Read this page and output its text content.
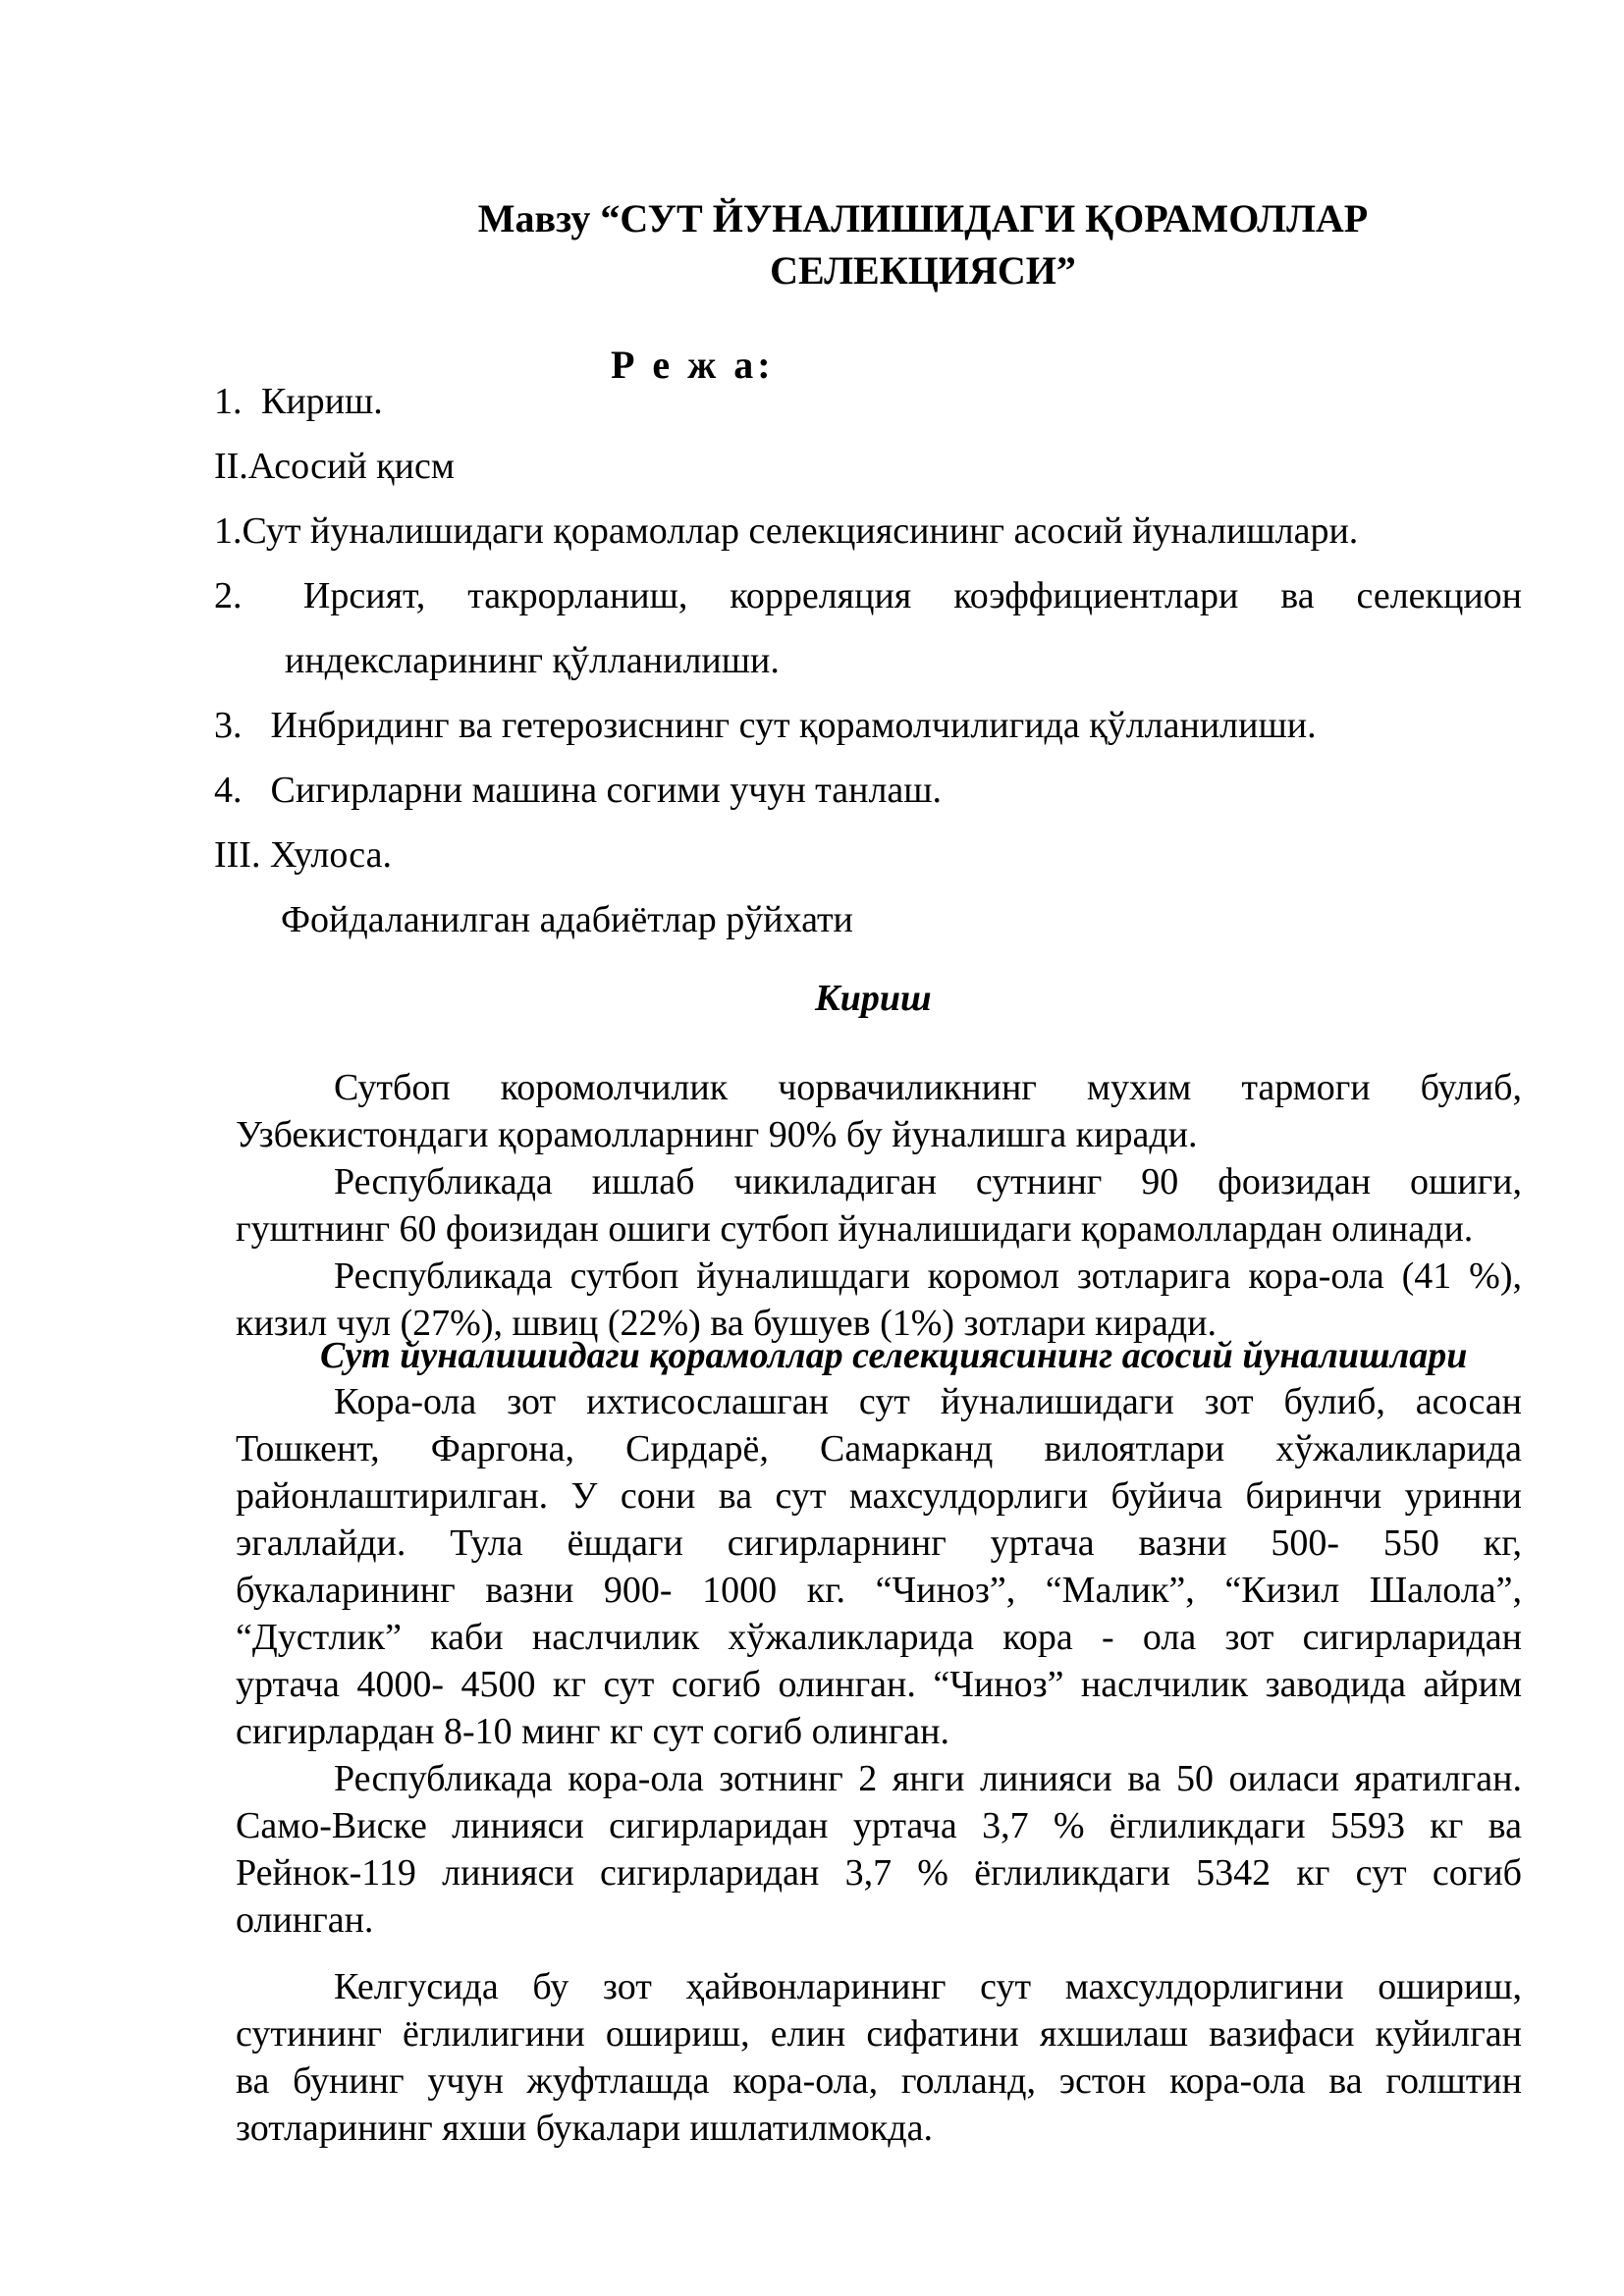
Мавзу “СУТ ЙУНАЛИШИДАГИ ҚОРАМОЛЛАР
СЕЛЕКЦИЯСИ”
Р е ж а:

1. Кириш.

II.Асосий қисм

1.Сут йуналишидаги қорамоллар селекциясининг асосий йуналишлари.

2. Ирсият, такрорланиш, корреляция коэффициентлари ва селекцион

индексларининг қўлланилиши.

3. Инбридинг ва гетерозиснинг сут қорамолчилигида қўлланилиши.

4. Сигирларни машина согими учун танлаш.

III. Хулоса.

Фойдаланилган адабиётлар рўйхати

Кириш
Сутбоп коромолчилик чорвачиликнинг мухим тармоги булиб,
Узбекистондаги қорамолларнинг 90% бу йуналишга киради.
Республикада ишлаб чикиладиган сутнинг 90 фоизидан ошиги,
гуштнинг 60 фоизидан ошиги сутбоп йуналишидаги қорамоллардан олинади.
Республикада сутбоп йуналишдаги коромол зотларига кора-ола (41 %),
кизил чул (27%), швиц (22%) ва бушуев (1%) зотлари киради.
Сут йуналишидаги қорамоллар селекциясининг асосий йуналишлари
Кора-ола зот ихтисослашган сут йуналишидаги зот булиб, асосан
Тошкент, Фаргона, Сирдарё, Самарканд вилоятлари хўжаликларида
районлаштирилган. У сони ва сут махсулдорлиги буйича биринчи уринни
эгаллайди. Тула ёшдаги сигирларнинг уртача вазни 500- 550 кг,
букаларининг вазни 900- 1000 кг. “Чиноз”, “Малик”, “Кизил Шалола”,
“Дустлик” каби наслчилик хўжаликларида кора - ола зот сигирларидан
уртача 4000- 4500 кг сут согиб олинган. “Чиноз” наслчилик заводида айрим
сигирлардан 8-10 минг кг сут согиб олинган.
Республикада кора-ола зотнинг 2 янги линияси ва 50 оиласи яратилган.
Само-Виске линияси сигирларидан уртача 3,7 % ёглиликдаги 5593 кг ва
Рейнок-119 линияси сигирларидан 3,7 % ёглиликдаги 5342 кг сут согиб
олинган.
Келгусида бу зот ҳайвонларининг сут махсулдорлигини ошириш,
сутининг ёглилигини ошириш, елин сифатини яхшилаш вазифаси куйилган
ва бунинг учун жуфтлашда кора-ола, голланд, эстон кора-ола ва голштин
зотларининг яхши букалари ишлатилмокда.
